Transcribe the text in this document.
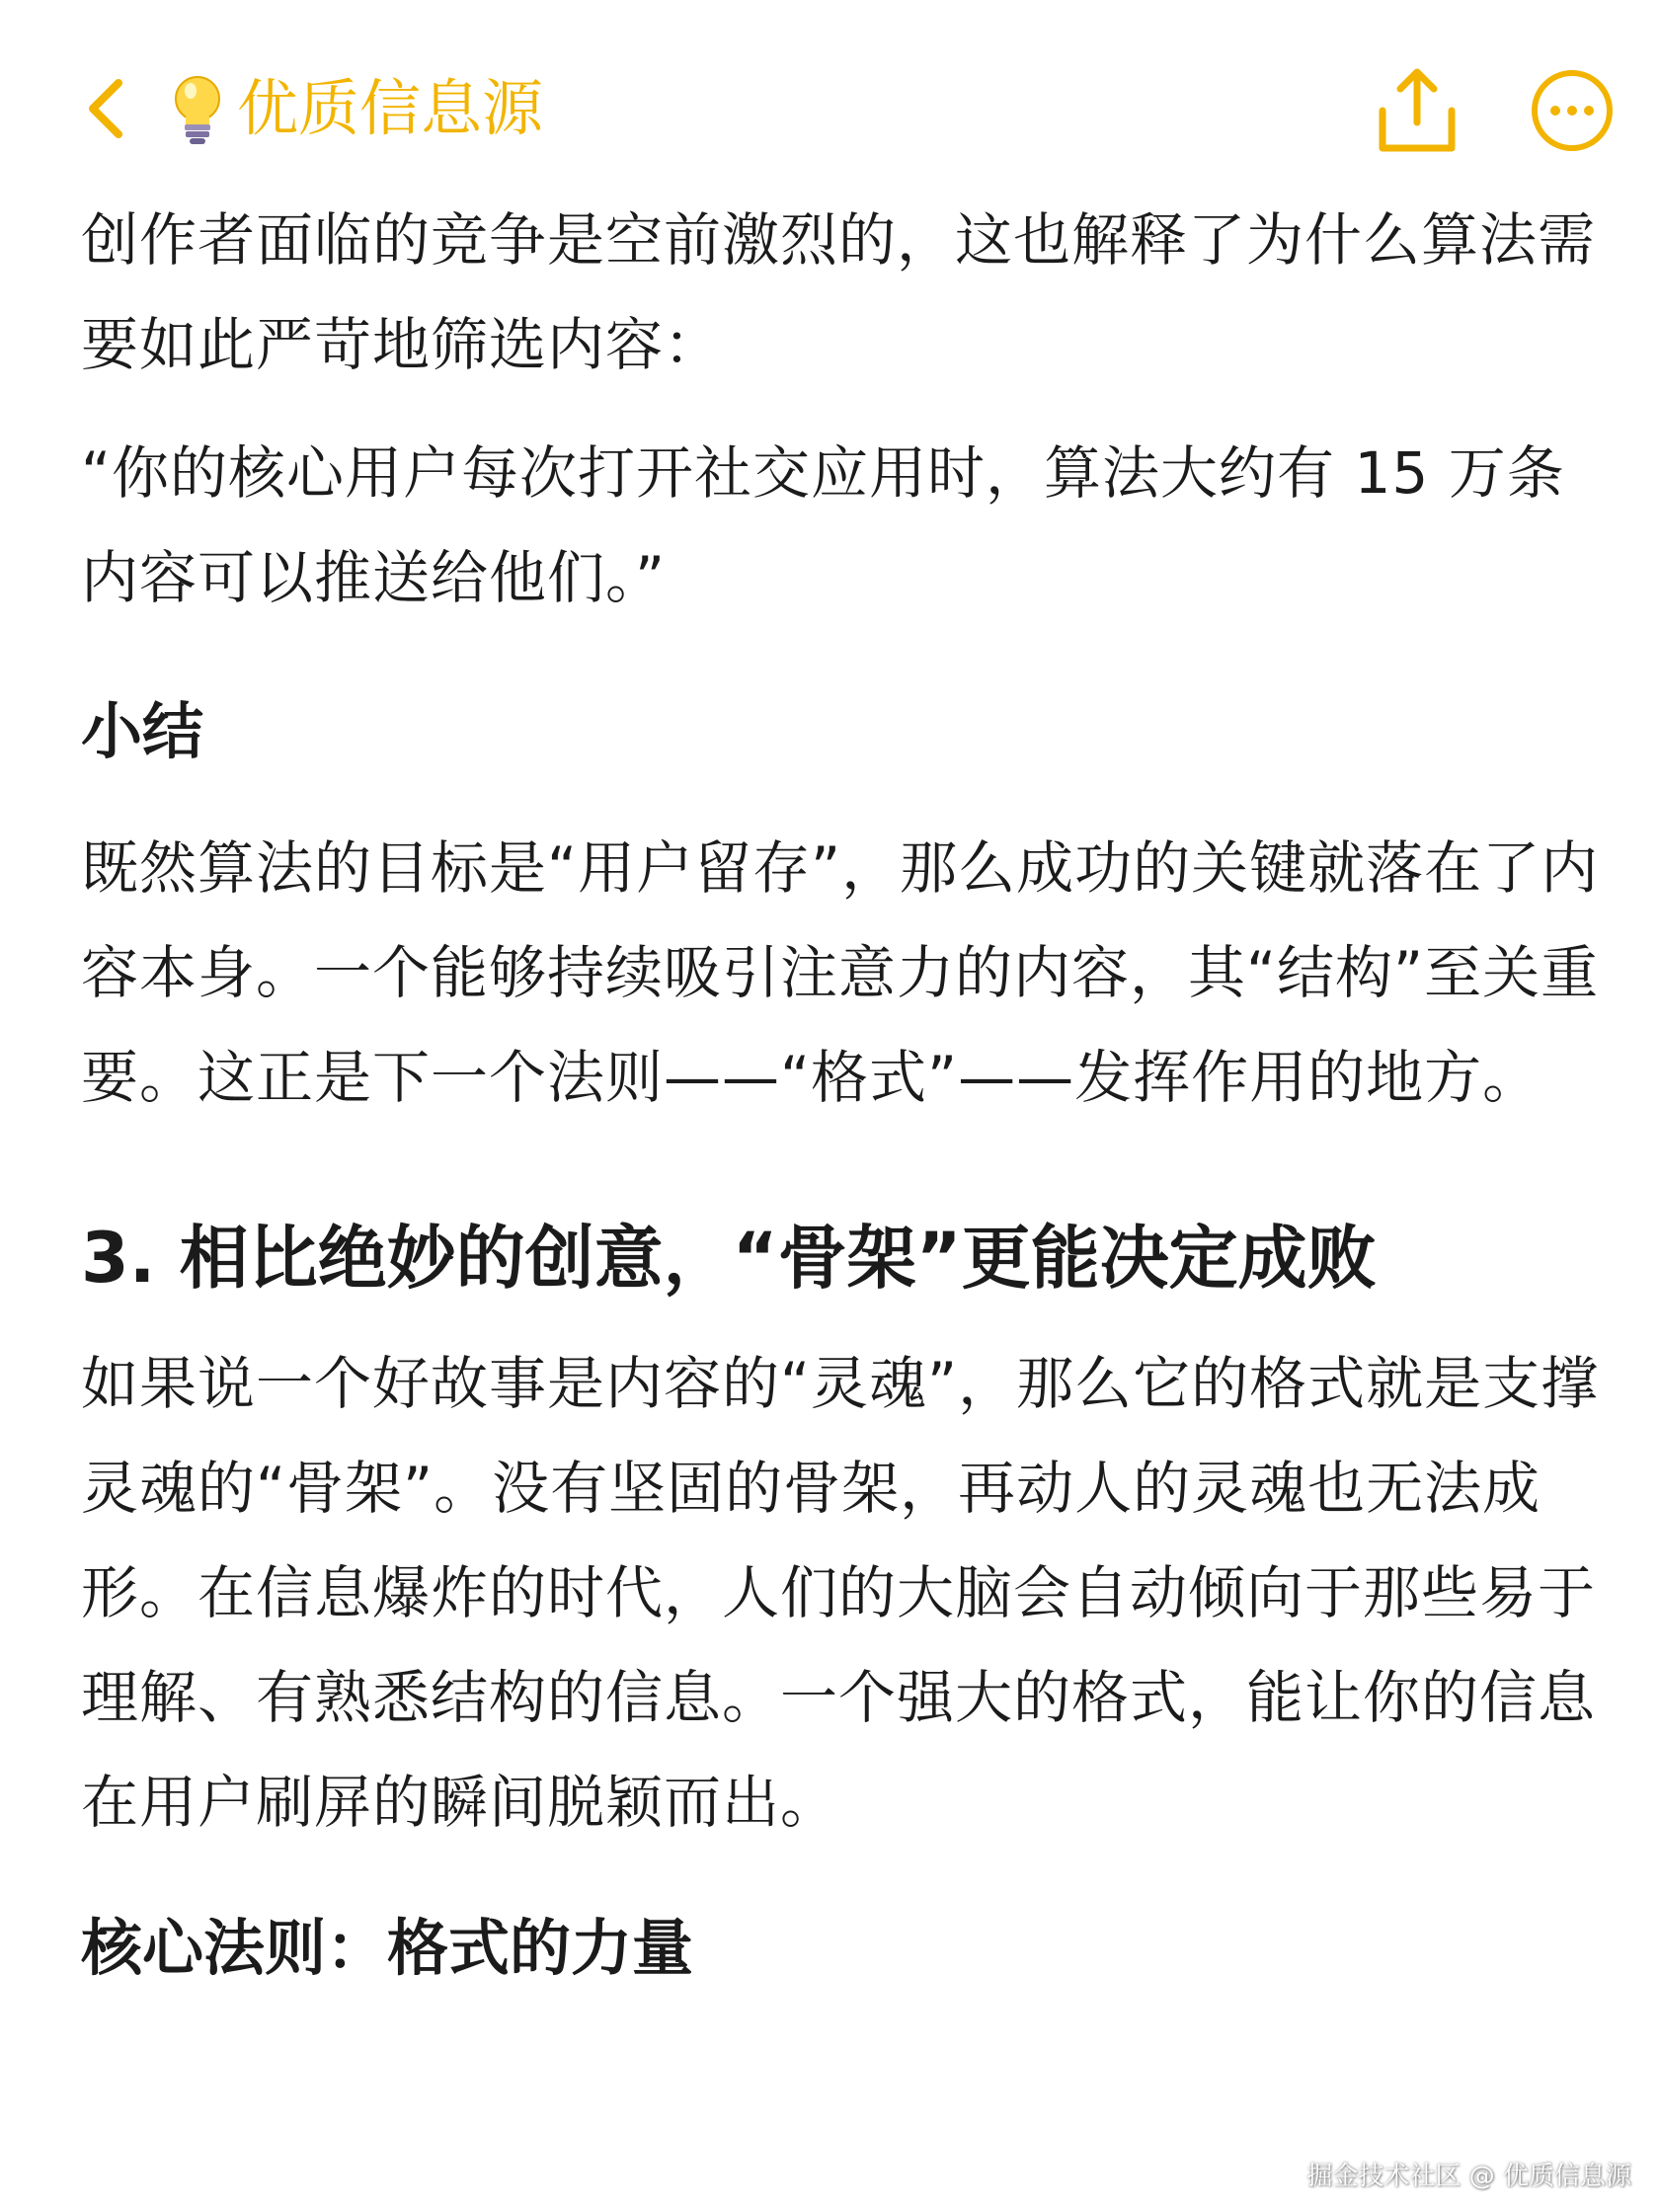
优质信息源

创作者面临的竞争是空前激烈的，这也解释了为什么算法需要如此严苛地筛选内容：

“你的核心用户每次打开社交应用时，算法大约有 15 万条内容可以推送给他们。”

小结

既然算法的目标是“用户留存”，那么成功的关键就落在了内容本身。一个能够持续吸引注意力的内容，其“结构”至关重要。这正是下一个法则——“格式”——发挥作用的地方。

3. 相比绝妙的创意，“骨架”更能决定成败

如果说一个好故事是内容的“灵魂”，那么它的格式就是支撑灵魂的“骨架”。没有坚固的骨架，再动人的灵魂也无法成形。在信息爆炸的时代，人们的大脑会自动倾向于那些易于理解、有熟悉结构的信息。一个强大的格式，能让你的信息在用户刷屏的瞬间脱颖而出。

核心法则：格式的力量
掘金技术社区 @ 优质信息源
